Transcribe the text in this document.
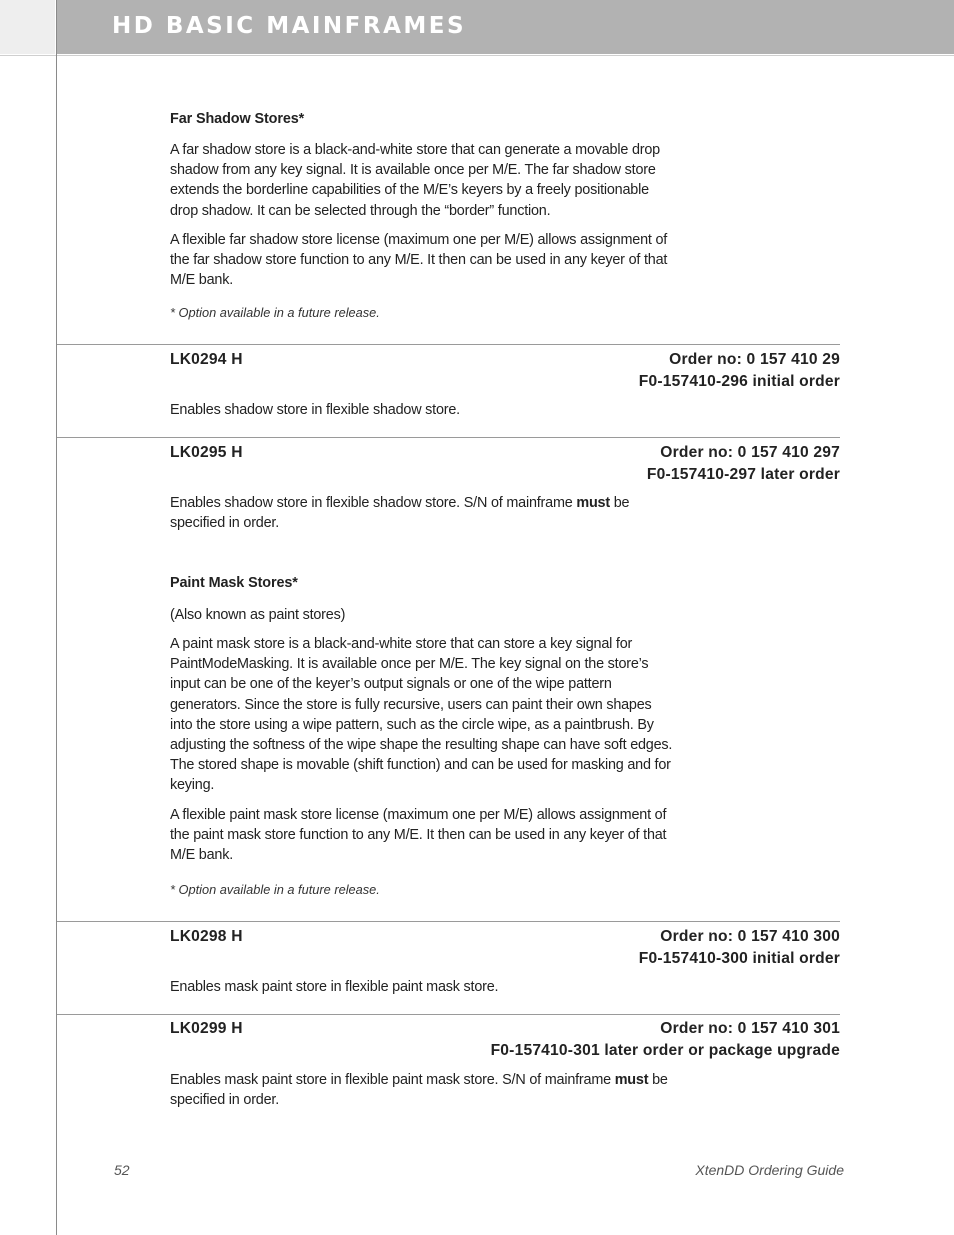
HD BASIC MAINFRAMES
Far Shadow Stores*

A far shadow store is a black-and-white store that can generate a movable drop shadow from any key signal. It is available once per M/E. The far shadow store extends the borderline capabilities of the M/E’s keyers by a freely positionable drop shadow. It can be selected through the “border” function.

A flexible far shadow store license (maximum one per M/E) allows assignment of the far shadow store function to any M/E. It then can be used in any keyer of that M/E bank.

* Option available in a future release.
LK0294 H	Order no: 0 157 410 29
F0-157410-296 initial order

Enables shadow store in flexible shadow store.

LK0295 H	Order no: 0 157 410 297
F0-157410-297 later order

Enables shadow store in flexible shadow store. S/N of mainframe must be specified in order.

Paint Mask Stores*

(Also known as paint stores)

A paint mask store is a black-and-white store that can store a key signal for PaintModeMasking. It is available once per M/E. The key signal on the store’s input can be one of the keyer’s output signals or one of the wipe pattern generators. Since the store is fully recursive, users can paint their own shapes into the store using a wipe pattern, such as the circle wipe, as a paintbrush. By adjusting the softness of the wipe shape the resulting shape can have soft edges. The stored shape is movable (shift function) and can be used for masking and for keying.

A flexible paint mask store license (maximum one per M/E) allows assignment of the paint mask store function to any M/E. It then can be used in any keyer of that M/E bank.

* Option available in a future release.
LK0298 H	Order no: 0 157 410 300
F0-157410-300 initial order

Enables mask paint store in flexible paint mask store.

LK0299 H	Order no: 0 157 410 301
F0-157410-301 later order or package upgrade

Enables mask paint store in flexible paint mask store. S/N of mainframe must be specified in order.

52	XtenDD Ordering Guide
